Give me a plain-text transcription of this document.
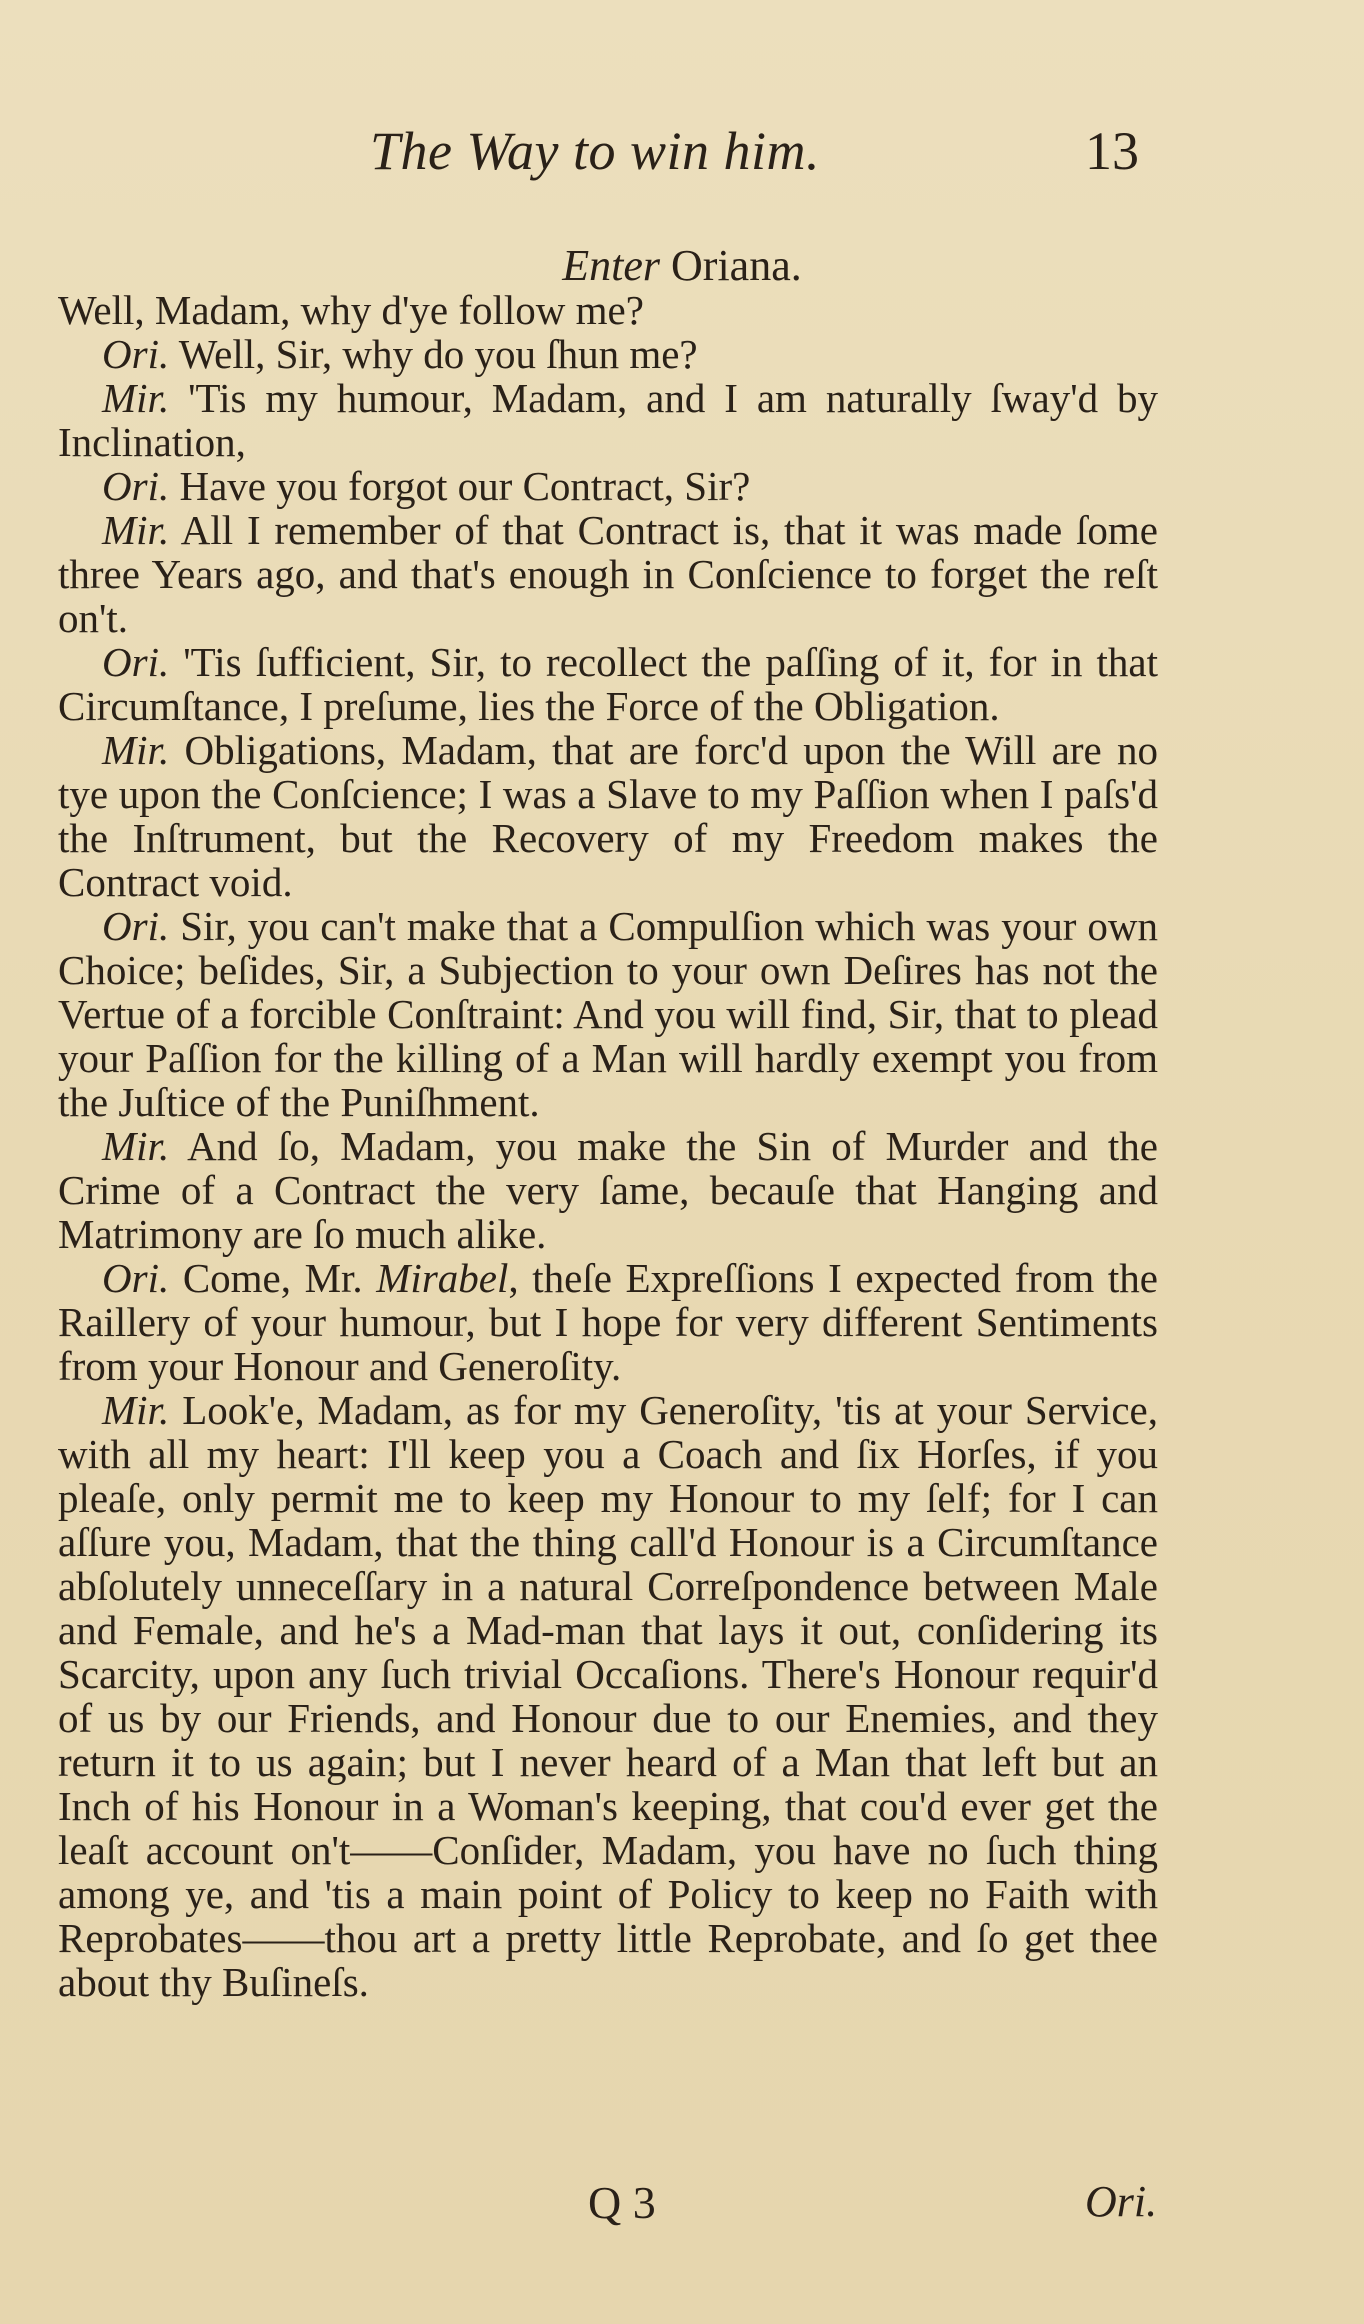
The Way to win him.	13
Enter Oriana.

Well, Madam, why d'ye follow me?

Ori. Well, Sir, why do you ſhun me?

Mir. 'Tis my humour, Madam, and I am naturally ſway'd by Inclination,

Ori. Have you forgot our Contract, Sir?

Mir. All I remember of that Contract is, that it was made ſome three Years ago, and that's enough in Conſcience to forget the reſt on't.

Ori. 'Tis ſufficient, Sir, to recollect the paſſing of it, for in that Circumſtance, I preſume, lies the Force of the Obligation.

Mir. Obligations, Madam, that are forc'd upon the Will are no tye upon the Conſcience; I was a Slave to my Paſſion when I paſs'd the Inſtrument, but the Recovery of my Freedom makes the Contract void.

Ori. Sir, you can't make that a Compulſion which was your own Choice; beſides, Sir, a Subjection to your own Deſires has not the Vertue of a forcible Conſtraint: And you will find, Sir, that to plead your Paſſion for the killing of a Man will hardly exempt you from the Juſtice of the Puniſhment.

Mir. And ſo, Madam, you make the Sin of Murder and the Crime of a Contract the very ſame, becauſe that Hanging and Matrimony are ſo much alike.

Ori. Come, Mr. Mirabel, theſe Expreſſions I expected from the Raillery of your humour, but I hope for very different Sentiments from your Honour and Generoſity.

Mir. Look'e, Madam, as for my Generoſity, 'tis at your Service, with all my heart: I'll keep you a Coach and ſix Horſes, if you pleaſe, only permit me to keep my Honour to my ſelf; for I can aſſure you, Madam, that the thing call'd Honour is a Circumſtance abſolutely unneceſſary in a natural Correſpondence between Male and Female, and he's a Mad-man that lays it out, conſidering its Scarcity, upon any ſuch trivial Occaſions. There's Honour requir'd of us by our Friends, and Honour due to our Enemies, and they return it to us again; but I never heard of a Man that left but an Inch of his Honour in a Woman's keeping, that cou'd ever get the leaſt account on't——Conſider, Madam, you have no ſuch thing among ye, and 'tis a main point of Policy to keep no Faith with Reprobates——thou art a pretty little Reprobate, and ſo get thee about thy Buſineſs.

Q 3	Ori.
